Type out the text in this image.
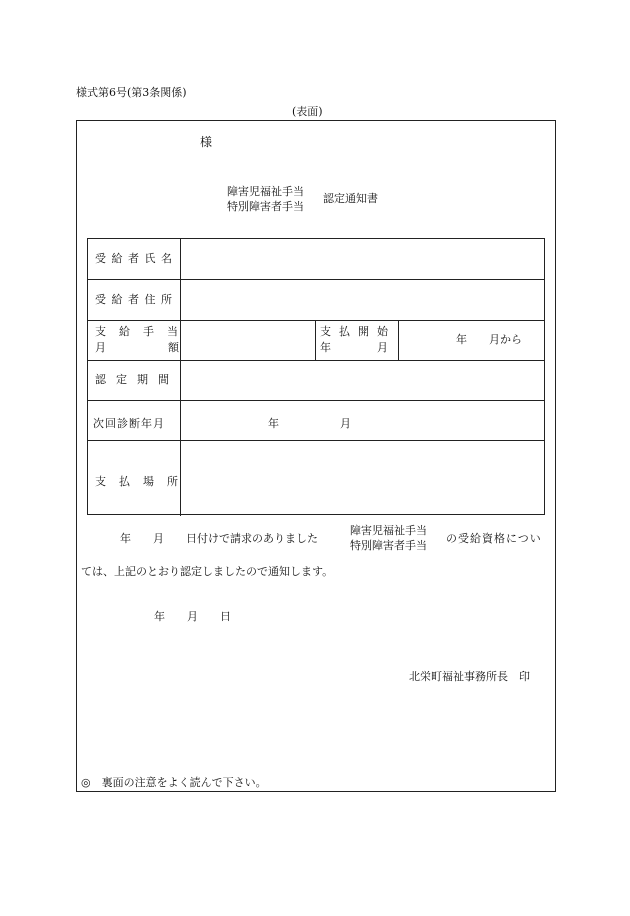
様式第6号(第3条関係)
(表面)
様
障害児福祉手当
特別障害者手当
認定通知書
受給者氏名
受給者住所
支給手当
月額
支払開始
年月
年　　月から
認定期間
次回診断年月	年	月
支払場所
年　　月　　日付けで請求のありました
障害児福祉手当
特別障害者手当
の受給資格につい
ては、上記のとおり認定しましたので通知します。
年　　月　　日
北栄町福祉事務所長　印
◎　裏面の注意をよく読んで下さい。
